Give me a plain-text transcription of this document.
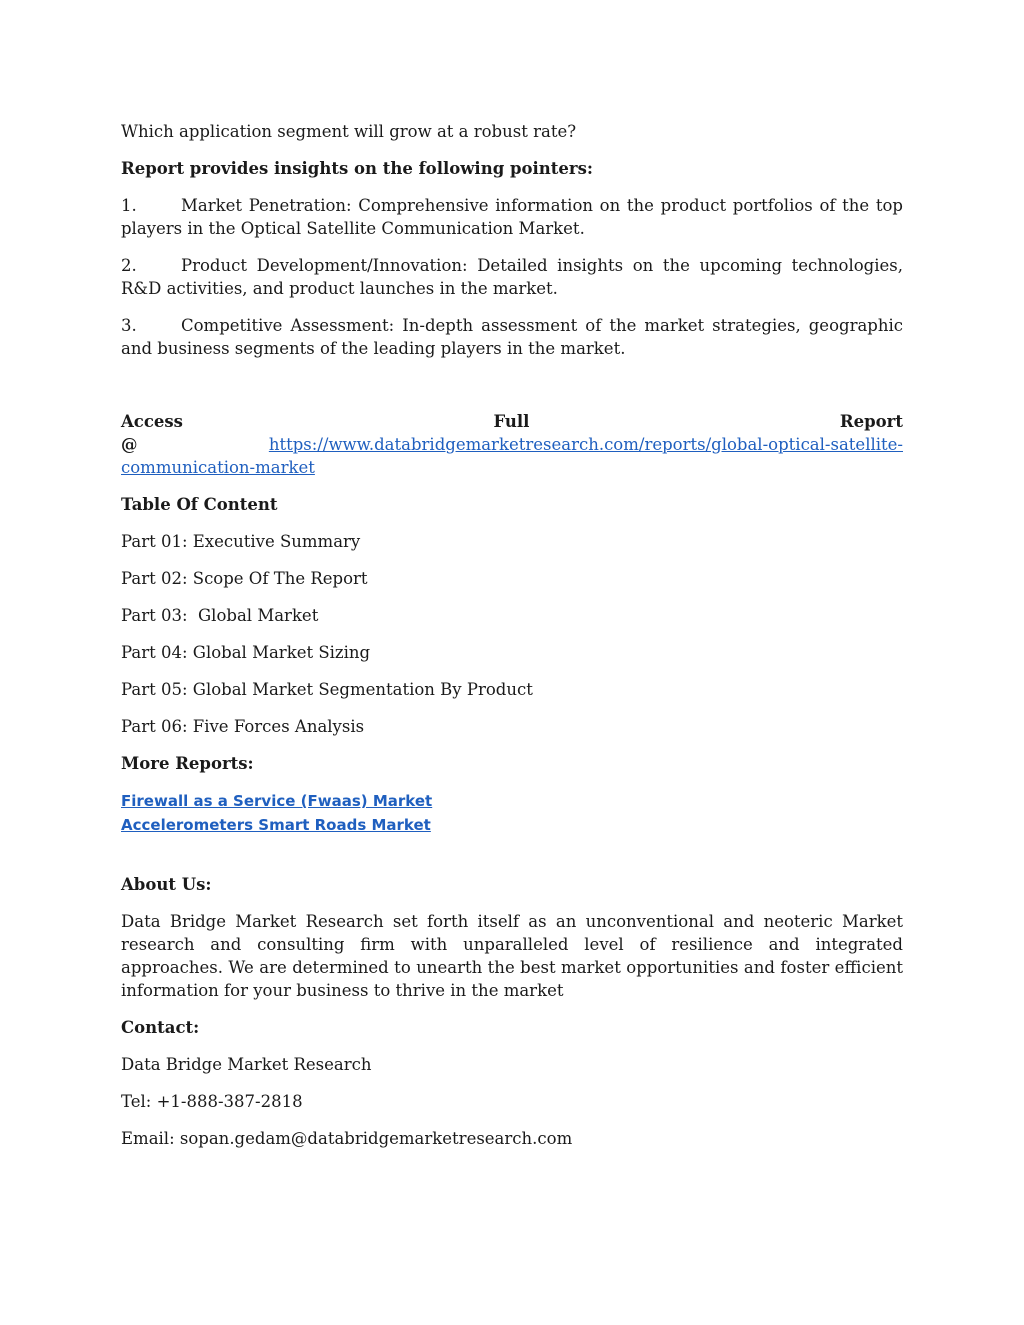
Which application segment will grow at a robust rate?

Report provides insights on the following pointers:

1.	Market Penetration: Comprehensive information on the product portfolios of the top players in the Optical Satellite Communication Market.

2.	Product Development/Innovation: Detailed insights on the upcoming technologies, R&D activities, and product launches in the market.

3.	Competitive Assessment: In-depth assessment of the market strategies, geographic and business segments of the leading players in the market.

Access Full Report @	https://www.databridgemarketresearch.com/reports/global-optical-satellite-communication-market

Table Of Content

Part 01: Executive Summary

Part 02: Scope Of The Report

Part 03:  Global Market

Part 04: Global Market Sizing

Part 05: Global Market Segmentation By Product

Part 06: Five Forces Analysis

More Reports:

Firewall as a Service (Fwaas) Market
Accelerometers Smart Roads Market

About Us:

Data Bridge Market Research set forth itself as an unconventional and neoteric Market research and consulting firm with unparalleled level of resilience and integrated approaches. We are determined to unearth the best market opportunities and foster efficient information for your business to thrive in the market

Contact:

Data Bridge Market Research

Tel: +1-888-387-2818

Email: sopan.gedam@databridgemarketresearch.com
